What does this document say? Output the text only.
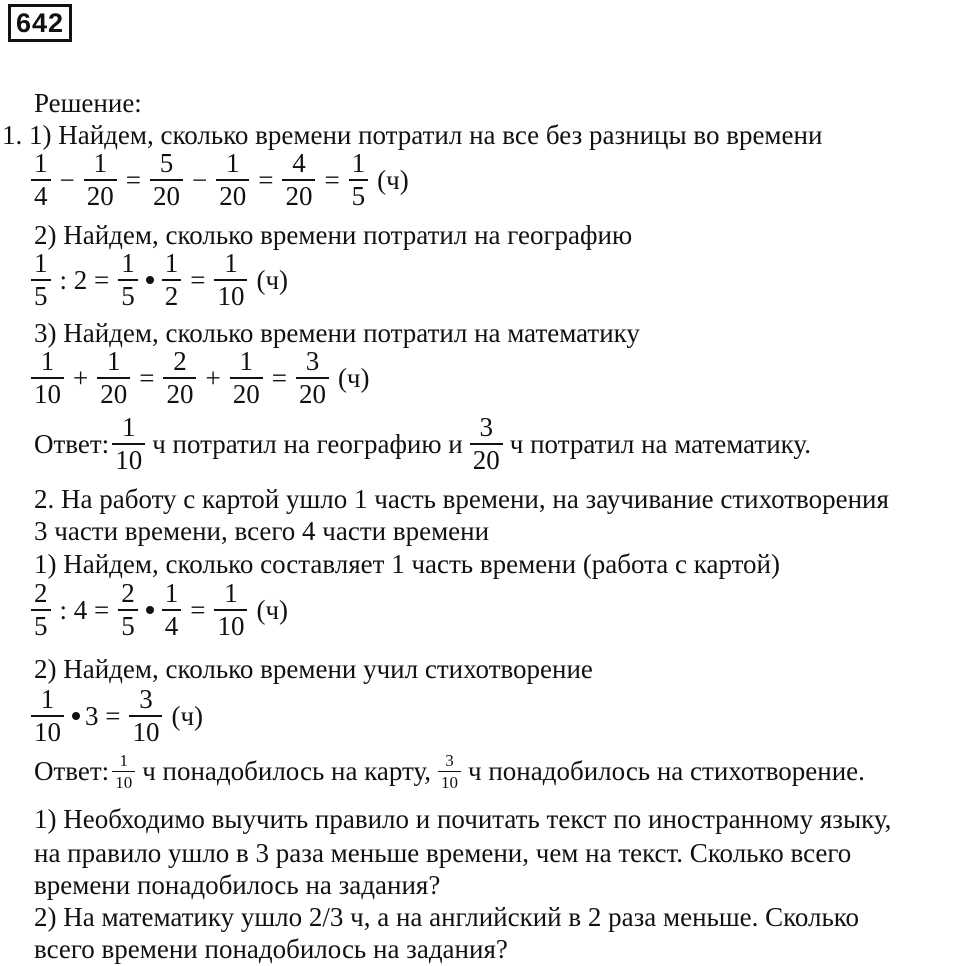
642
Решение:
1. 1) Найдем, сколько времени потратил на все без разницы во времени
$\frac{1}{4} - \frac{1}{20} = \frac{5}{20} - \frac{1}{20} = \frac{4}{20} = \frac{1}{5} (ч)$
2) Найдем, сколько времени потратил на географию
$\frac{1}{5}$ : $2 = \frac{1}{5} \frac{1}{2} = \frac{1}{10} (ч)$
3) Найдем, сколько времени потратил на математику
$\frac{1}{10} + \frac{1}{20} = \frac{2}{20} + \frac{1}{20} = \frac{3}{20} (ч)$
Ответ: $\frac{1}{10}$ ч потратил на географию и $\frac{3}{20}$ ч потратил на математику.
2. На работу с картой ушло 1 часть времени, на заучивание стихотворения
3 части времени, всего 4 части времени
1) Найдем, сколько составляет 1 часть времени (работа с картой)
$\frac{2}{5}$ : $4 = \frac{2}{5} \frac{1}{4} = \frac{1}{10} (ч)$
2) Найдем, сколько времени учил стихотворение
$\frac{1}{10} 3 = \frac{3}{10} (ч)$
Ответ: $\frac{1}{10}$ ч понадобилось на карту, $\frac{3}{10}$ ч понадобилось на стихотворение.
1) Необходимо выучить правило и почитать текст по иностранному языку,
на правило ушло в 3 раза меньше времени, чем на текст. Сколько всего
времени понадобилось на задания?
2) На математику ушло 2/3 ч, а на английский в 2 раза меньше. Сколько
всего времени понадобилось на задания?
